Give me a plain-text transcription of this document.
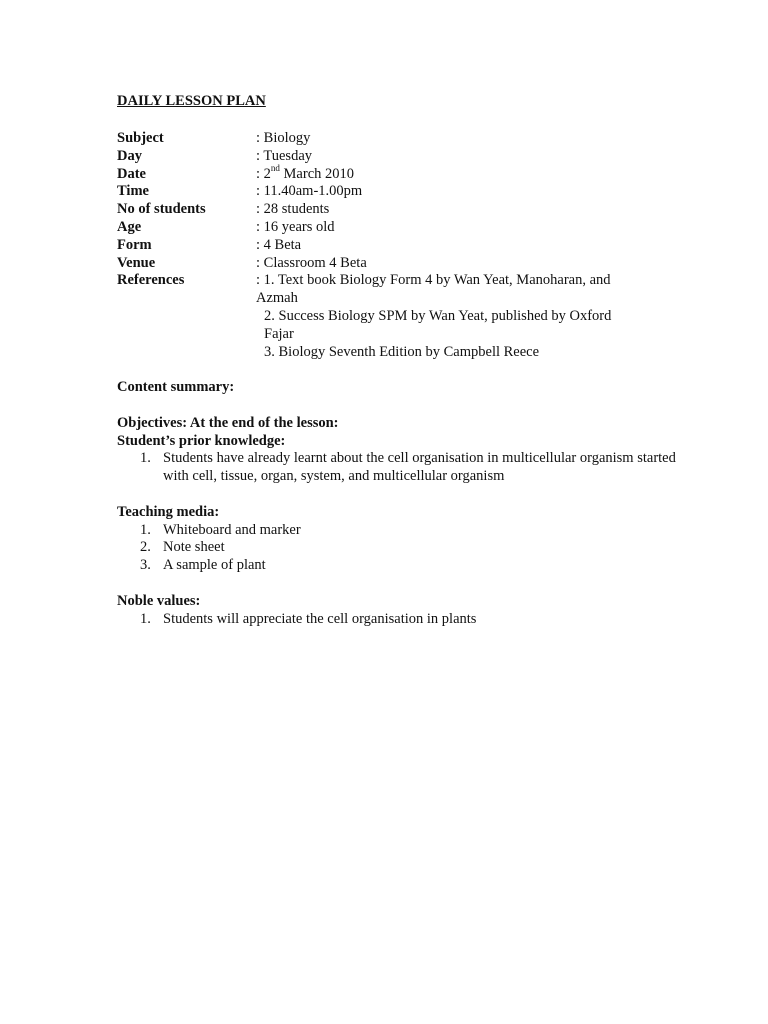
DAILY LESSON PLAN
Subject	: Biology
Day	: Tuesday
Date	: 2nd March 2010
Time	: 11.40am-1.00pm
No of students	: 28 students
Age	: 16 years old
Form	: 4 Beta
Venue	: Classroom 4 Beta
References	: 1. Text book Biology Form 4 by Wan Yeat, Manoharan, and
Azmah
2. Success Biology SPM by Wan Yeat, published by Oxford
Fajar
3. Biology Seventh Edition by Campbell Reece
Content summary:
Objectives: At the end of the lesson:
Student’s prior knowledge:
1. Students have already learnt about the cell organisation in multicellular organism started with cell, tissue, organ, system, and multicellular organism
Teaching media:
1. Whiteboard and marker
2. Note sheet
3. A sample of plant
Noble values:
1. Students will appreciate the cell organisation in plants
